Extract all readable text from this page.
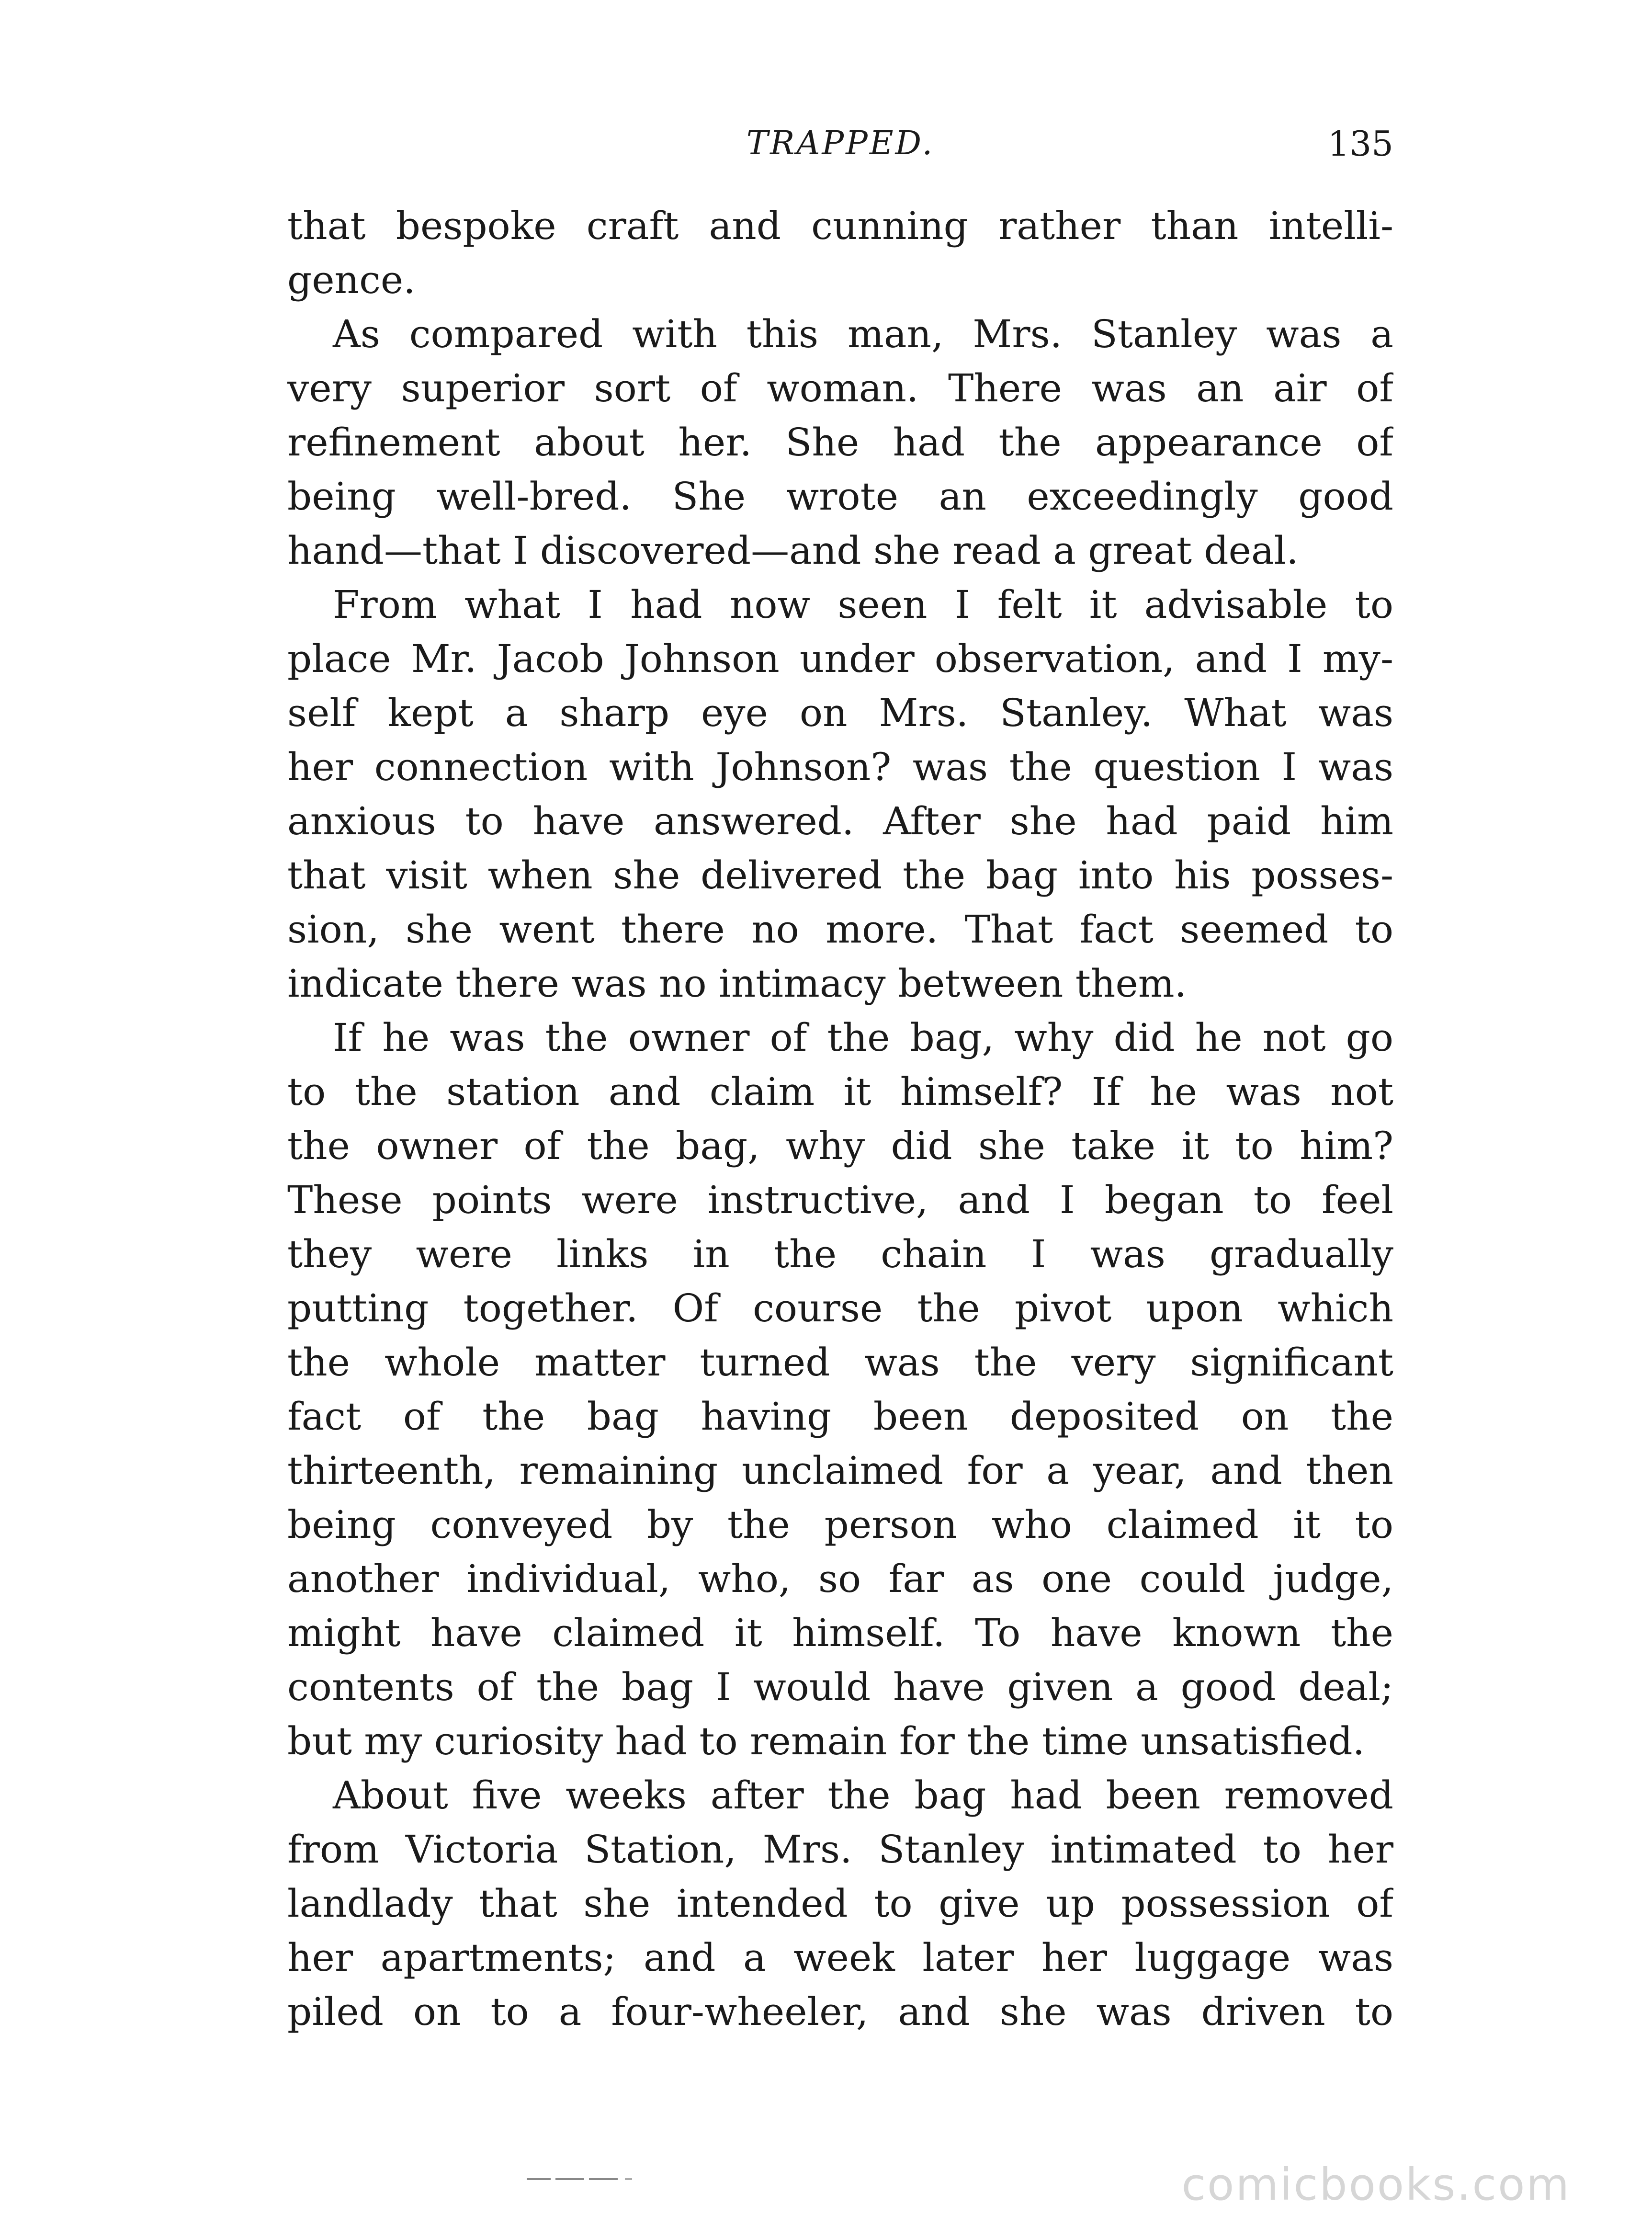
TRAPPED.	135
that bespoke craft and cunning rather than intelli-
gence.
As compared with this man, Mrs. Stanley was a
very superior sort of woman. There was an air of
refinement about her. She had the appearance of
being well-bred. She wrote an exceedingly good
hand—that I discovered—and she read a great deal.
From what I had now seen I felt it advisable to
place Mr. Jacob Johnson under observation, and I my-
self kept a sharp eye on Mrs. Stanley. What was
her connection with Johnson? was the question I was
anxious to have answered. After she had paid him
that visit when she delivered the bag into his posses-
sion, she went there no more. That fact seemed to
indicate there was no intimacy between them.
If he was the owner of the bag, why did he not go
to the station and claim it himself? If he was not
the owner of the bag, why did she take it to him?
These points were instructive, and I began to feel
they were links in the chain I was gradually
putting together. Of course the pivot upon which
the whole matter turned was the very significant
fact of the bag having been deposited on the
thirteenth, remaining unclaimed for a year, and then
being conveyed by the person who claimed it to
another individual, who, so far as one could judge,
might have claimed it himself. To have known the
contents of the bag I would have given a good deal;
but my curiosity had to remain for the time unsatisfied.
About five weeks after the bag had been removed
from Victoria Station, Mrs. Stanley intimated to her
landlady that she intended to give up possession of
her apartments; and a week later her luggage was
piled on to a four-wheeler, and she was driven to
comicbooks.com
